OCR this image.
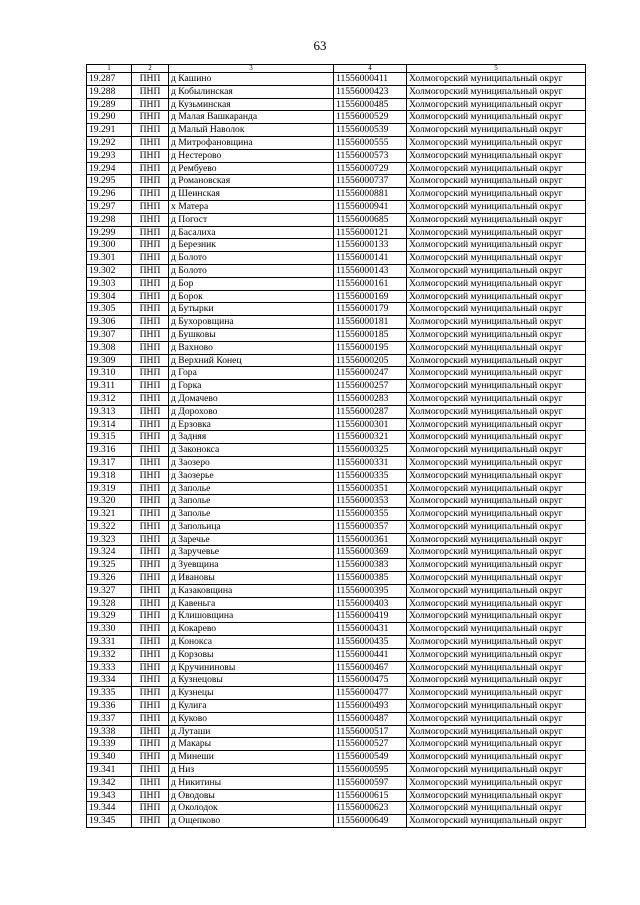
63
1	2	3	4	5
19.287	ПНП	д Кашино	11556000411	Холмогорский муниципальный округ
19.288	ПНП	д Кобылинская	11556000423	Холмогорский муниципальный округ
19.289	ПНП	д Кузьминская	11556000485	Холмогорский муниципальный округ
19.290	ПНП	д Малая Вашкаранда	11556000529	Холмогорский муниципальный округ
19.291	ПНП	д Малый Наволок	11556000539	Холмогорский муниципальный округ
19.292	ПНП	д Митрофановщина	11556000555	Холмогорский муниципальный округ
19.293	ПНП	д Нестерово	11556000573	Холмогорский муниципальный округ
19.294	ПНП	д Рембуево	11556000729	Холмогорский муниципальный округ
19.295	ПНП	д Романовская	11556000737	Холмогорский муниципальный округ
19.296	ПНП	д Шеинская	11556000881	Холмогорский муниципальный округ
19.297	ПНП	х Матера	11556000941	Холмогорский муниципальный округ
19.298	ПНП	д Погост	11556000685	Холмогорский муниципальный округ
19.299	ПНП	д Басалиха	11556000121	Холмогорский муниципальный округ
19.300	ПНП	д Березник	11556000133	Холмогорский муниципальный округ
19.301	ПНП	д Болото	11556000141	Холмогорский муниципальный округ
19.302	ПНП	д Болото	11556000143	Холмогорский муниципальный округ
19.303	ПНП	д Бор	11556000161	Холмогорский муниципальный округ
19.304	ПНП	д Борок	11556000169	Холмогорский муниципальный округ
19.305	ПНП	д Бутырки	11556000179	Холмогорский муниципальный округ
19.306	ПНП	д Бухоровщина	11556000181	Холмогорский муниципальный округ
19.307	ПНП	д Бушковы	11556000185	Холмогорский муниципальный округ
19.308	ПНП	д Вахново	11556000195	Холмогорский муниципальный округ
19.309	ПНП	д Верхний Конец	11556000205	Холмогорский муниципальный округ
19.310	ПНП	д Гора	11556000247	Холмогорский муниципальный округ
19.311	ПНП	д Горка	11556000257	Холмогорский муниципальный округ
19.312	ПНП	д Домачево	11556000283	Холмогорский муниципальный округ
19.313	ПНП	д Дорохово	11556000287	Холмогорский муниципальный округ
19.314	ПНП	д Ерзовка	11556000301	Холмогорский муниципальный округ
19.315	ПНП	д Задняя	11556000321	Холмогорский муниципальный округ
19.316	ПНП	д Законокса	11556000325	Холмогорский муниципальный округ
19.317	ПНП	д Заозеро	11556000331	Холмогорский муниципальный округ
19.318	ПНП	д Заозерье	11556000335	Холмогорский муниципальный округ
19.319	ПНП	д Заполье	11556000351	Холмогорский муниципальный округ
19.320	ПНП	д Заполье	11556000353	Холмогорский муниципальный округ
19.321	ПНП	д Заполье	11556000355	Холмогорский муниципальный округ
19.322	ПНП	д Запольица	11556000357	Холмогорский муниципальный округ
19.323	ПНП	д Заречье	11556000361	Холмогорский муниципальный округ
19.324	ПНП	д Заручевье	11556000369	Холмогорский муниципальный округ
19.325	ПНП	д Зуевщина	11556000383	Холмогорский муниципальный округ
19.326	ПНП	д Ивановы	11556000385	Холмогорский муниципальный округ
19.327	ПНП	д Казаковщина	11556000395	Холмогорский муниципальный округ
19.328	ПНП	д Кавеньга	11556000403	Холмогорский муниципальный округ
19.329	ПНП	д Клишовщина	11556000419	Холмогорский муниципальный округ
19.330	ПНП	д Кокарево	11556000431	Холмогорский муниципальный округ
19.331	ПНП	д Конокса	11556000435	Холмогорский муниципальный округ
19.332	ПНП	д Корзовы	11556000441	Холмогорский муниципальный округ
19.333	ПНП	д Кручининовы	11556000467	Холмогорский муниципальный округ
19.334	ПНП	д Кузнецовы	11556000475	Холмогорский муниципальный округ
19.335	ПНП	д Кузнецы	11556000477	Холмогорский муниципальный округ
19.336	ПНП	д Кулига	11556000493	Холмогорский муниципальный округ
19.337	ПНП	д Куково	11556000487	Холмогорский муниципальный округ
19.338	ПНП	д Луташи	11556000517	Холмогорский муниципальный округ
19.339	ПНП	д Макары	11556000527	Холмогорский муниципальный округ
19.340	ПНП	д Минеши	11556000549	Холмогорский муниципальный округ
19.341	ПНП	д Низ	11556000595	Холмогорский муниципальный округ
19.342	ПНП	д Никитины	11556000597	Холмогорский муниципальный округ
19.343	ПНП	д Оводовы	11556000615	Холмогорский муниципальный округ
19.344	ПНП	д Околодок	11556000623	Холмогорский муниципальный округ
19.345	ПНП	д Ощепково	11556000649	Холмогорский муниципальный округ
